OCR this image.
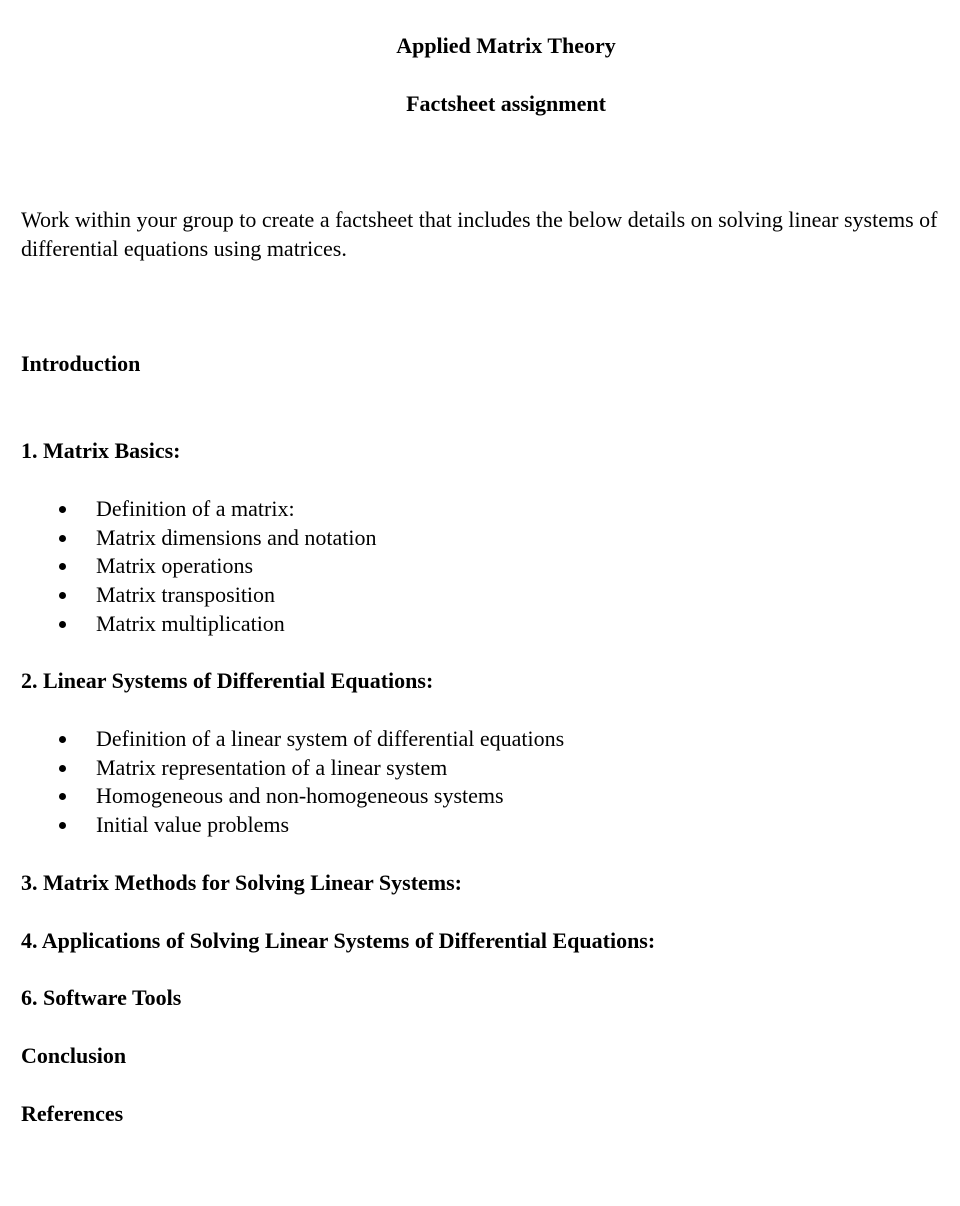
Applied Matrix Theory
Factsheet assignment

Work within your group to create a factsheet that includes the below details on solving linear systems of differential equations using matrices.

Introduction
1. Matrix Basics:
Definition of a matrix:
Matrix dimensions and notation
Matrix operations
Matrix transposition
Matrix multiplication
2. Linear Systems of Differential Equations:
Definition of a linear system of differential equations
Matrix representation of a linear system
Homogeneous and non-homogeneous systems
Initial value problems
3. Matrix Methods for Solving Linear Systems:
4. Applications of Solving Linear Systems of Differential Equations:
6. Software Tools
Conclusion
References
